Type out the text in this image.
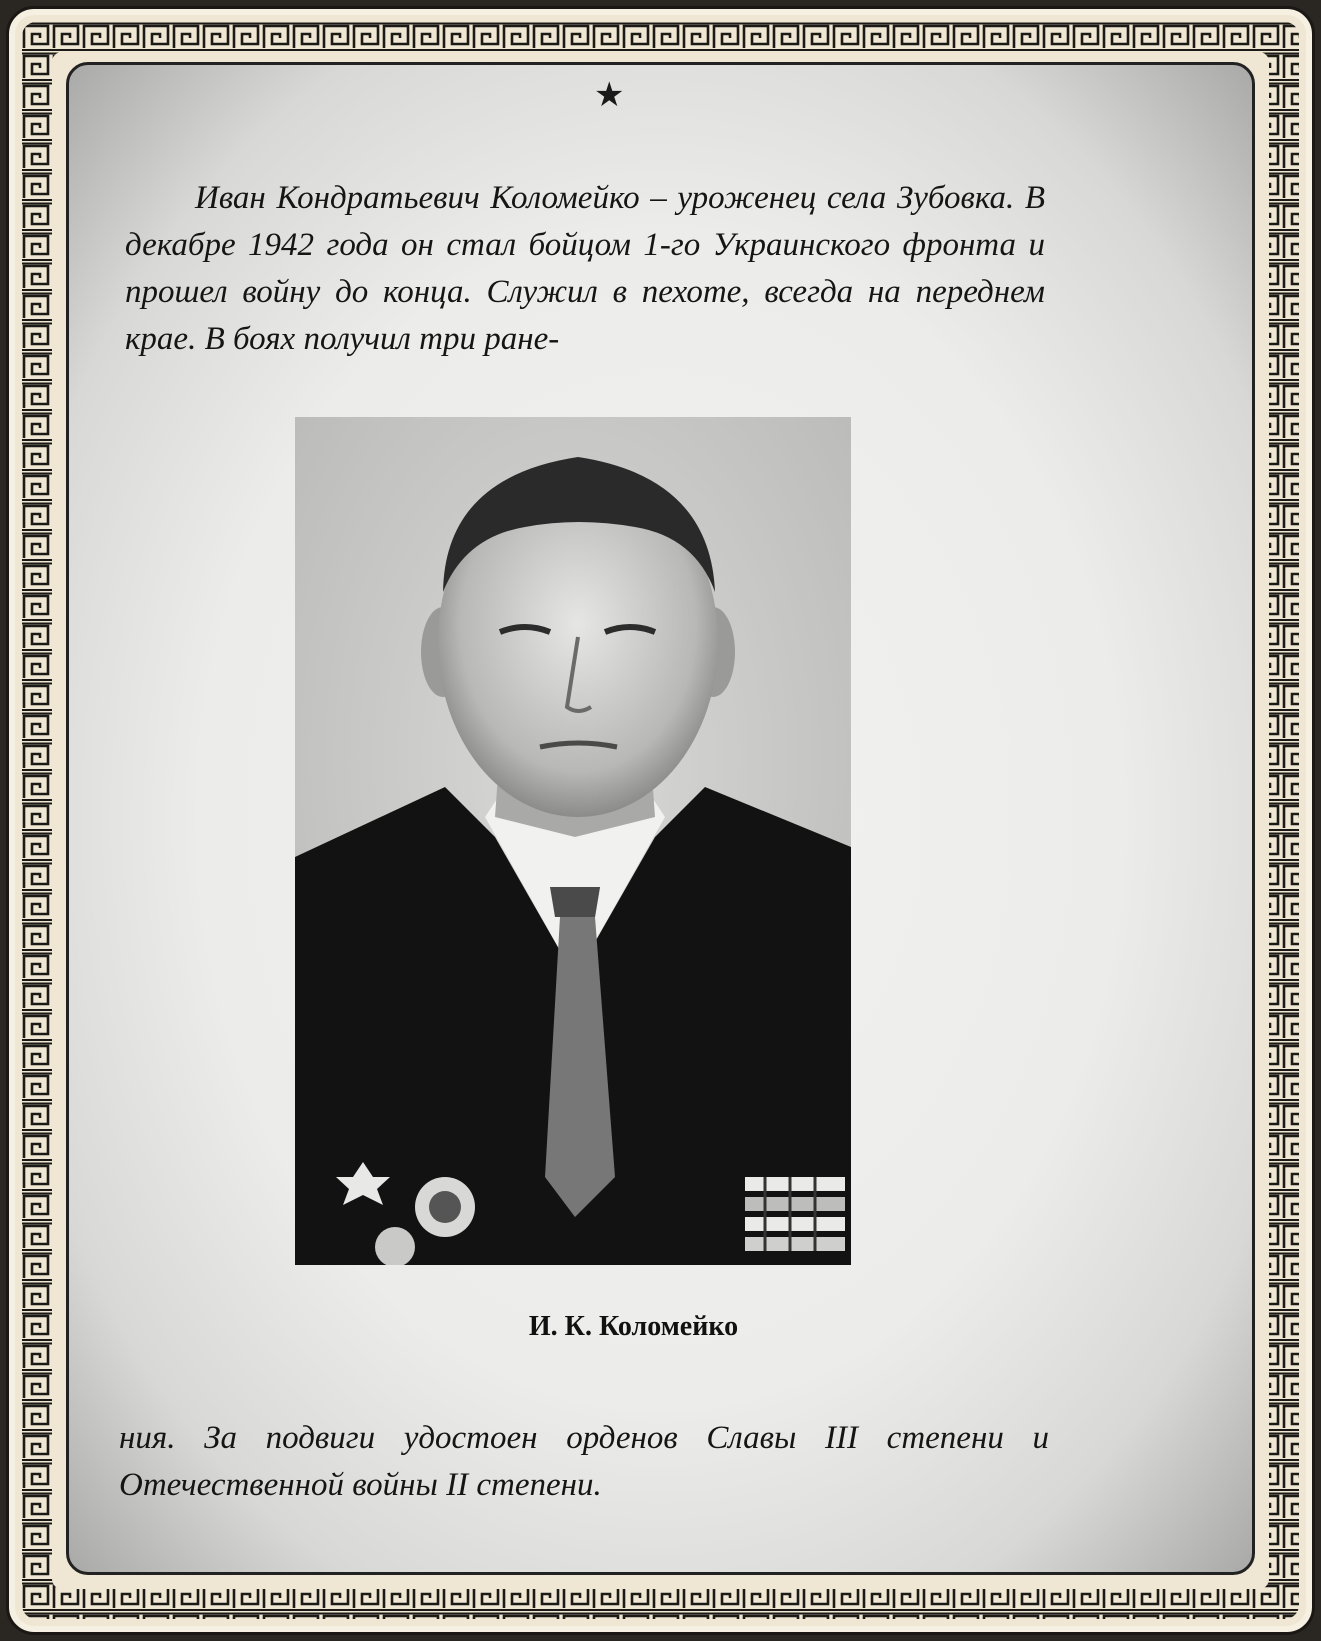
★

Иван Кондратьевич Коломейко – уроженец села Зубовка. В декабре 1942 года он стал бойцом 1-го Украинского фронта и прошел войну до конца. Служил в пехоте, всегда на переднем крае. В боях получил три ране-

И. К. Коломейко

ния. За подвиги удостоен орденов Славы III степени и Отечественной войны II степени.
